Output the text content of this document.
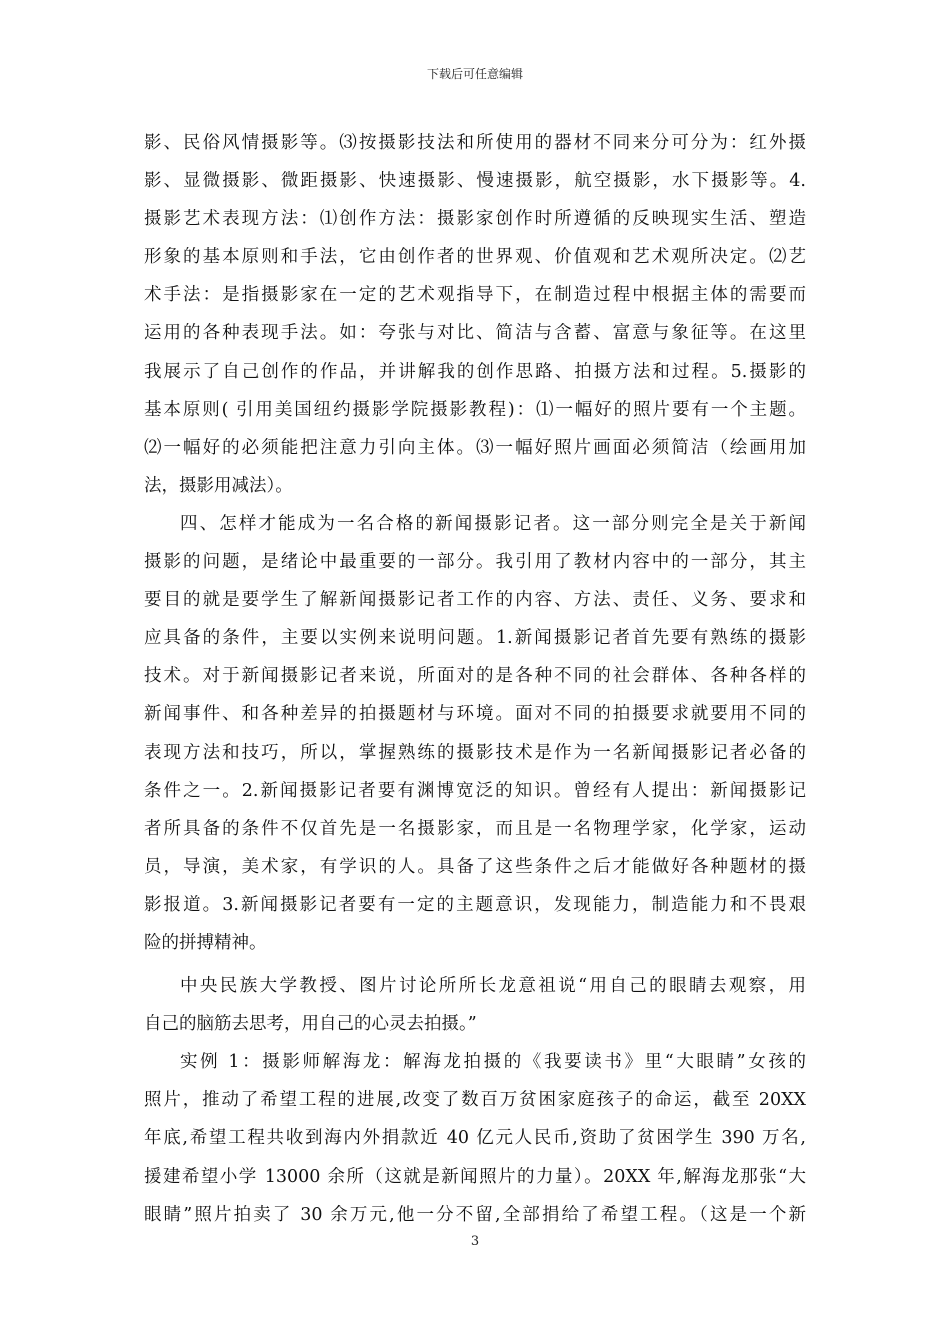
下载后可任意编辑
影、民俗风情摄影等。⑶按摄影技法和所使用的器材不同来分可分为：红外摄
影、显微摄影、微距摄影、快速摄影、慢速摄影，航空摄影，水下摄影等。4.
摄影艺术表现方法：⑴创作方法：摄影家创作时所遵循的反映现实生活、塑造
形象的基本原则和手法，它由创作者的世界观、价值观和艺术观所决定。⑵艺
术手法：是指摄影家在一定的艺术观指导下，在制造过程中根据主体的需要而
运用的各种表现手法。如：夸张与对比、简洁与含蓄、富意与象征等。在这里
我展示了自己创作的作品，并讲解我的创作思路、拍摄方法和过程。5.摄影的
基本原则( 引用美国纽约摄影学院摄影教程)：⑴一幅好的照片要有一个主题。
⑵一幅好的必须能把注意力引向主体。⑶一幅好照片画面必须简洁（绘画用加
法，摄影用减法）。
四、怎样才能成为一名合格的新闻摄影记者。这一部分则完全是关于新闻
摄影的问题，是绪论中最重要的一部分。我引用了教材内容中的一部分，其主
要目的就是要学生了解新闻摄影记者工作的内容、方法、责任、义务、要求和
应具备的条件，主要以实例来说明问题。1.新闻摄影记者首先要有熟练的摄影
技术。对于新闻摄影记者来说，所面对的是各种不同的社会群体、各种各样的
新闻事件、和各种差异的拍摄题材与环境。面对不同的拍摄要求就要用不同的
表现方法和技巧，所以，掌握熟练的摄影技术是作为一名新闻摄影记者必备的
条件之一。2.新闻摄影记者要有渊博宽泛的知识。曾经有人提出：新闻摄影记
者所具备的条件不仅首先是一名摄影家，而且是一名物理学家，化学家，运动
员，导演，美术家，有学识的人。具备了这些条件之后才能做好各种题材的摄
影报道。3.新闻摄影记者要有一定的主题意识，发现能力，制造能力和不畏艰
险的拼搏精神。
中央民族大学教授、图片讨论所所长龙意祖说“用自己的眼睛去观察，用
自己的脑筋去思考，用自己的心灵去拍摄。”
实例 1：摄影师解海龙：解海龙拍摄的《我要读书》里“大眼睛”女孩的
照片，推动了希望工程的进展,改变了数百万贫困家庭孩子的命运，截至 20XX
年底,希望工程共收到海内外捐款近 40 亿元人民币,资助了贫困学生 390 万名,
援建希望小学 13000 余所（这就是新闻照片的力量）。20XX 年,解海龙那张“大
眼睛”照片拍卖了 30 余万元,他一分不留,全部捐给了希望工程。（这是一个新
3
